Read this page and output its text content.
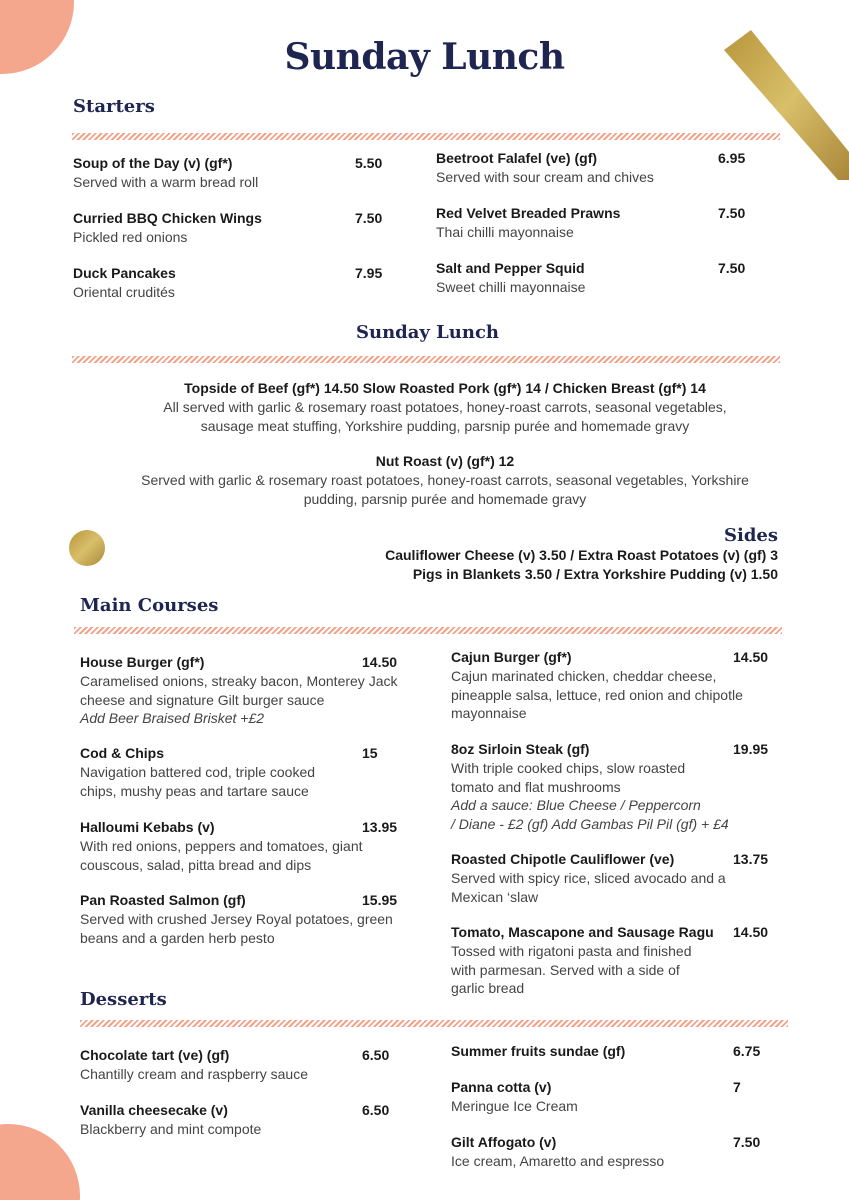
Sunday Lunch
Starters
Soup of the Day (v) (gf*)	5.50
Served with a warm bread roll
Curried BBQ Chicken Wings	7.50
Pickled red onions
Duck Pancakes	7.95
Oriental crudités
Beetroot Falafel (ve) (gf)	6.95
Served with sour cream and chives
Red Velvet Breaded Prawns	7.50
Thai chilli mayonnaise
Salt and Pepper Squid	7.50
Sweet chilli mayonnaise
Sunday Lunch
Topside of Beef (gf*) 14.50 Slow Roasted Pork (gf*) 14 / Chicken Breast (gf*) 14
All served with garlic & rosemary roast potatoes, honey-roast carrots, seasonal vegetables,
sausage meat stuffing, Yorkshire pudding, parsnip purée and homemade gravy
Nut Roast (v) (gf*) 12
Served with garlic & rosemary roast potatoes, honey-roast carrots, seasonal vegetables, Yorkshire
pudding, parsnip purée and homemade gravy
Sides
Cauliflower Cheese (v) 3.50 / Extra Roast Potatoes (v) (gf) 3
Pigs in Blankets 3.50 / Extra Yorkshire Pudding (v) 1.50
Main Courses
House Burger (gf*)	14.50
Caramelised onions, streaky bacon, Monterey Jack
cheese and signature Gilt burger sauce
Add Beer Braised Brisket +£2
Cod & Chips	15
Navigation battered cod, triple cooked
chips, mushy peas and tartare sauce
Halloumi Kebabs (v)	13.95
With red onions, peppers and tomatoes, giant
couscous, salad, pitta bread and dips
Pan Roasted Salmon (gf)	15.95
Served with crushed Jersey Royal potatoes, green
beans and a garden herb pesto
Cajun Burger (gf*)	14.50
Cajun marinated chicken, cheddar cheese,
pineapple salsa, lettuce, red onion and chipotle
mayonnaise
8oz Sirloin Steak (gf)	19.95
With triple cooked chips, slow roasted
tomato and flat mushrooms
Add a sauce: Blue Cheese / Peppercorn
/ Diane - £2 (gf) Add Gambas Pil Pil (gf) + £4
Roasted Chipotle Cauliflower (ve)	13.75
Served with spicy rice, sliced avocado and a
Mexican ‘slaw
Tomato, Mascapone and Sausage Ragu	14.50
Tossed with rigatoni pasta and finished
with parmesan. Served with a side of
garlic bread
Desserts
Chocolate tart (ve) (gf)	6.50
Chantilly cream and raspberry sauce
Vanilla cheesecake (v)	6.50
Blackberry and mint compote
Summer fruits sundae (gf)	6.75
Panna cotta (v)	7
Meringue Ice Cream
Gilt Affogato (v)	7.50
Ice cream, Amaretto and espresso
